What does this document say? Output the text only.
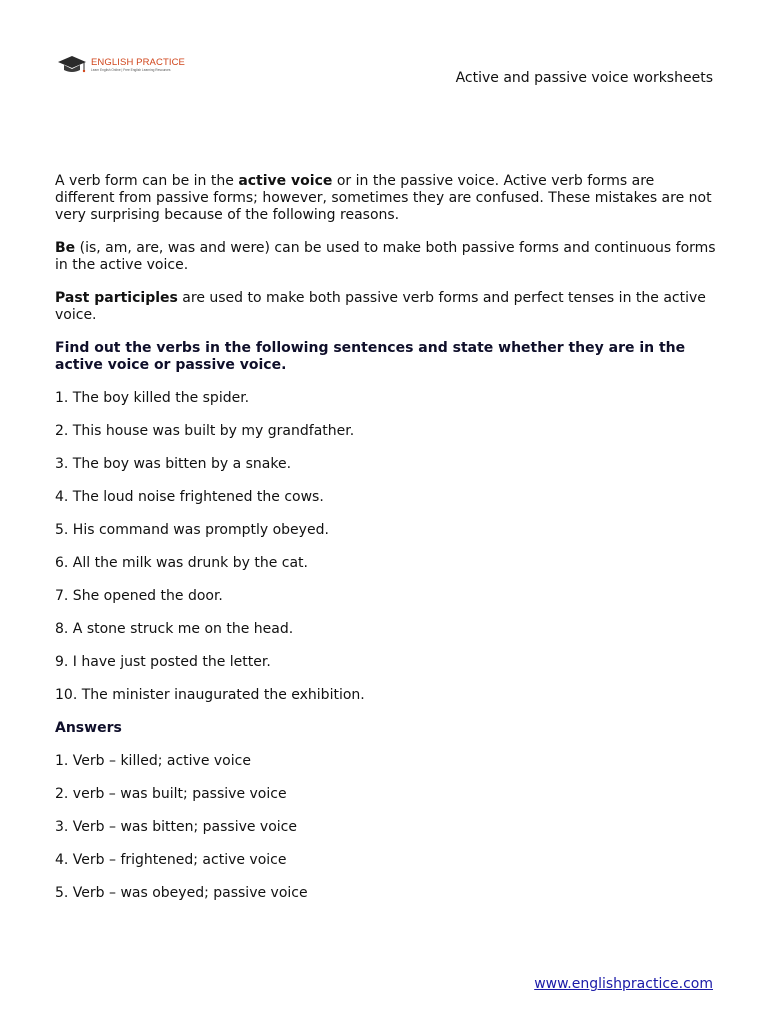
ENGLISH PRACTICE
Learn English Online | Free English Learning Resources	Active and passive voice worksheets

A verb form can be in the active voice or in the passive voice. Active verb forms are different from passive forms; however, sometimes they are confused. These mistakes are not very surprising because of the following reasons.

Be (is, am, are, was and were) can be used to make both passive forms and continuous forms in the active voice.

Past participles are used to make both passive verb forms and perfect tenses in the active voice.

Find out the verbs in the following sentences and state whether they are in the active voice or passive voice.

1. The boy killed the spider.

2. This house was built by my grandfather.

3. The boy was bitten by a snake.

4. The loud noise frightened the cows.

5. His command was promptly obeyed.

6. All the milk was drunk by the cat.

7. She opened the door.

8. A stone struck me on the head.

9. I have just posted the letter.

10. The minister inaugurated the exhibition.

Answers

1. Verb – killed; active voice

2. verb – was built; passive voice

3. Verb – was bitten; passive voice

4. Verb – frightened; active voice

5. Verb – was obeyed; passive voice

www.englishpractice.com
